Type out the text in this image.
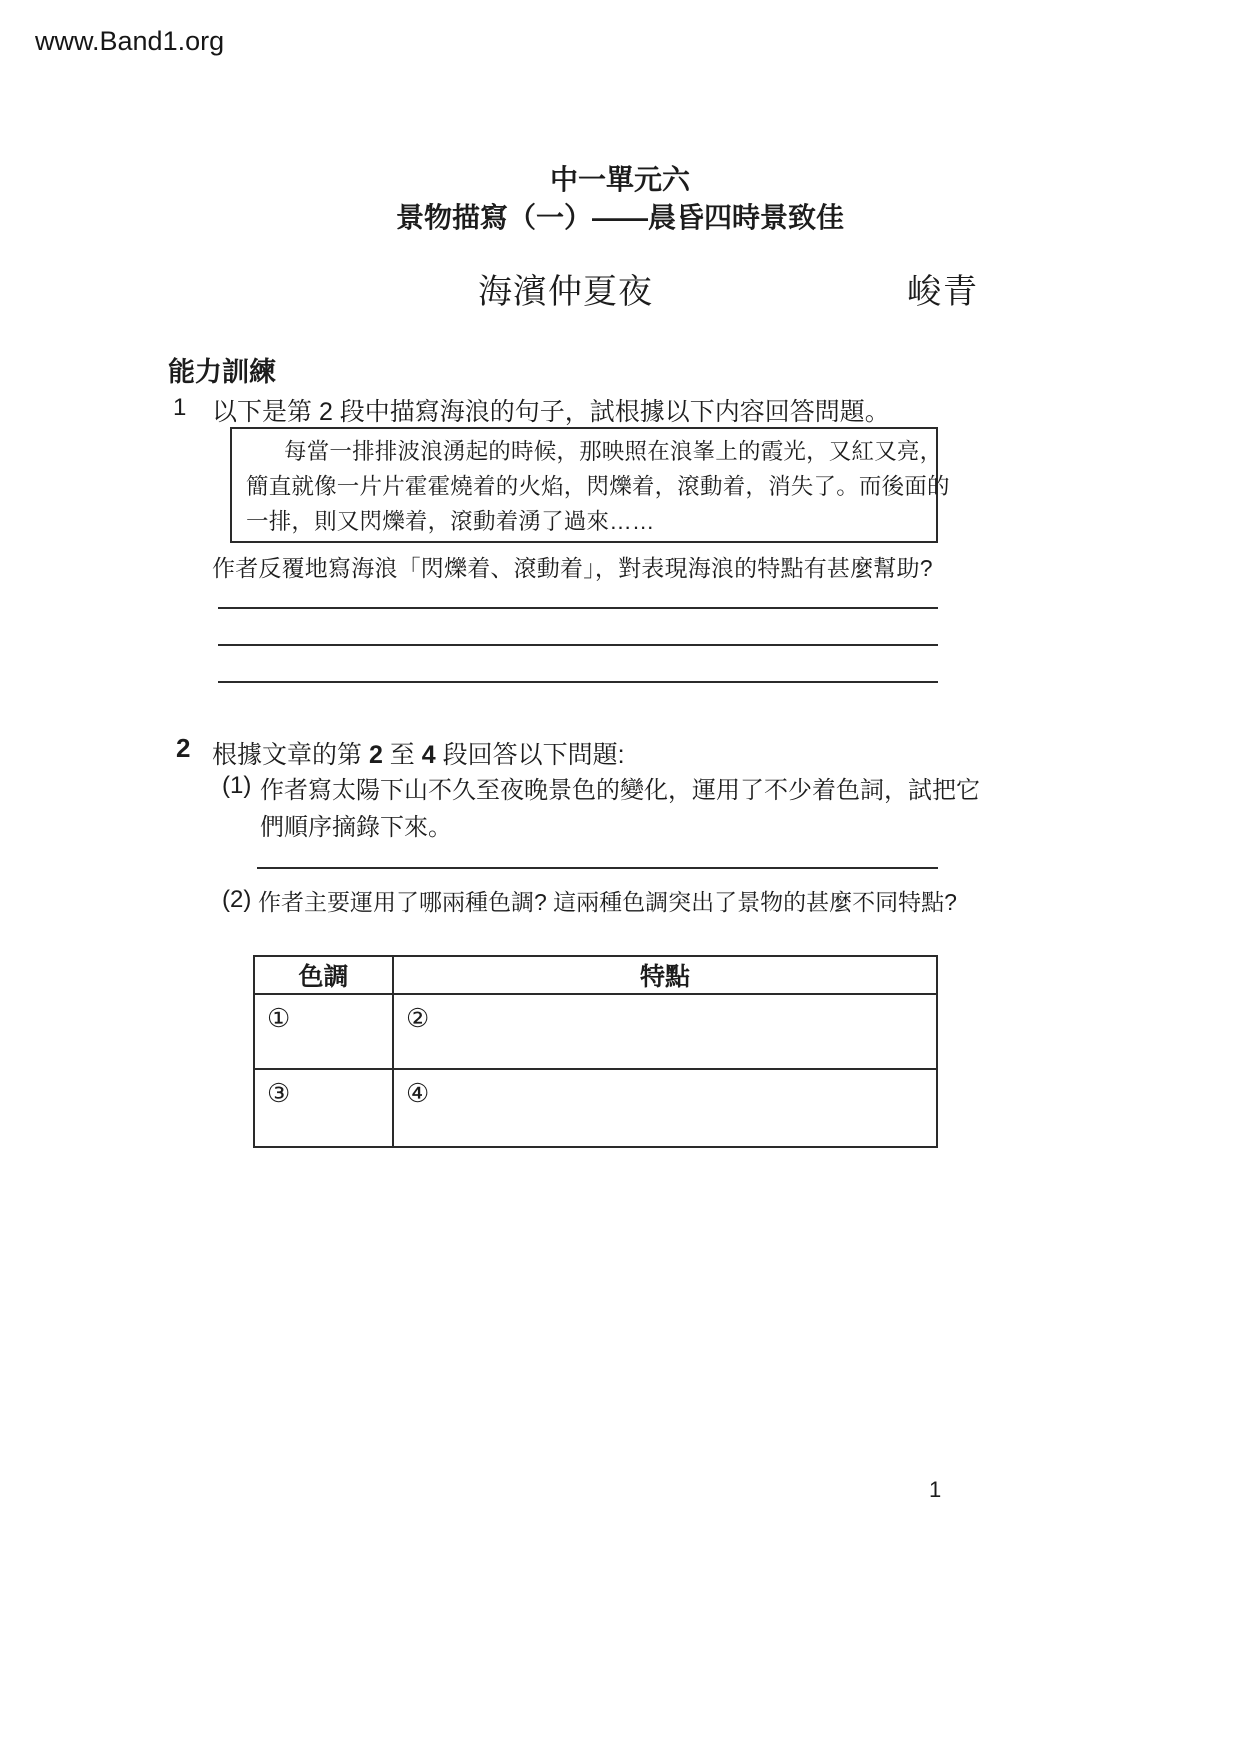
www.Band1.org
中一單元六
景物描寫（一）——晨昏四時景致佳
海濱仲夏夜	峻青
能力訓練
1 以下是第 2 段中描寫海浪的句子，試根據以下内容回答問題。
每當一排排波浪湧起的時候，那映照在浪峯上的霞光，又紅又亮，
簡直就像一片片霍霍燒着的火焰，閃爍着，滾動着，消失了。而後面的
一排，則又閃爍着，滾動着湧了過來……
作者反覆地寫海浪「閃爍着、滾動着」，對表現海浪的特點有甚麼幫助?
2 根據文章的第 2 至 4 段回答以下問題:
(1) 作者寫太陽下山不久至夜晚景色的變化，運用了不少着色詞，試把它
們順序摘錄下來。
(2) 作者主要運用了哪兩種色調? 這兩種色調突出了景物的甚麼不同特點?
色調	特點
①	②
③	④
1
